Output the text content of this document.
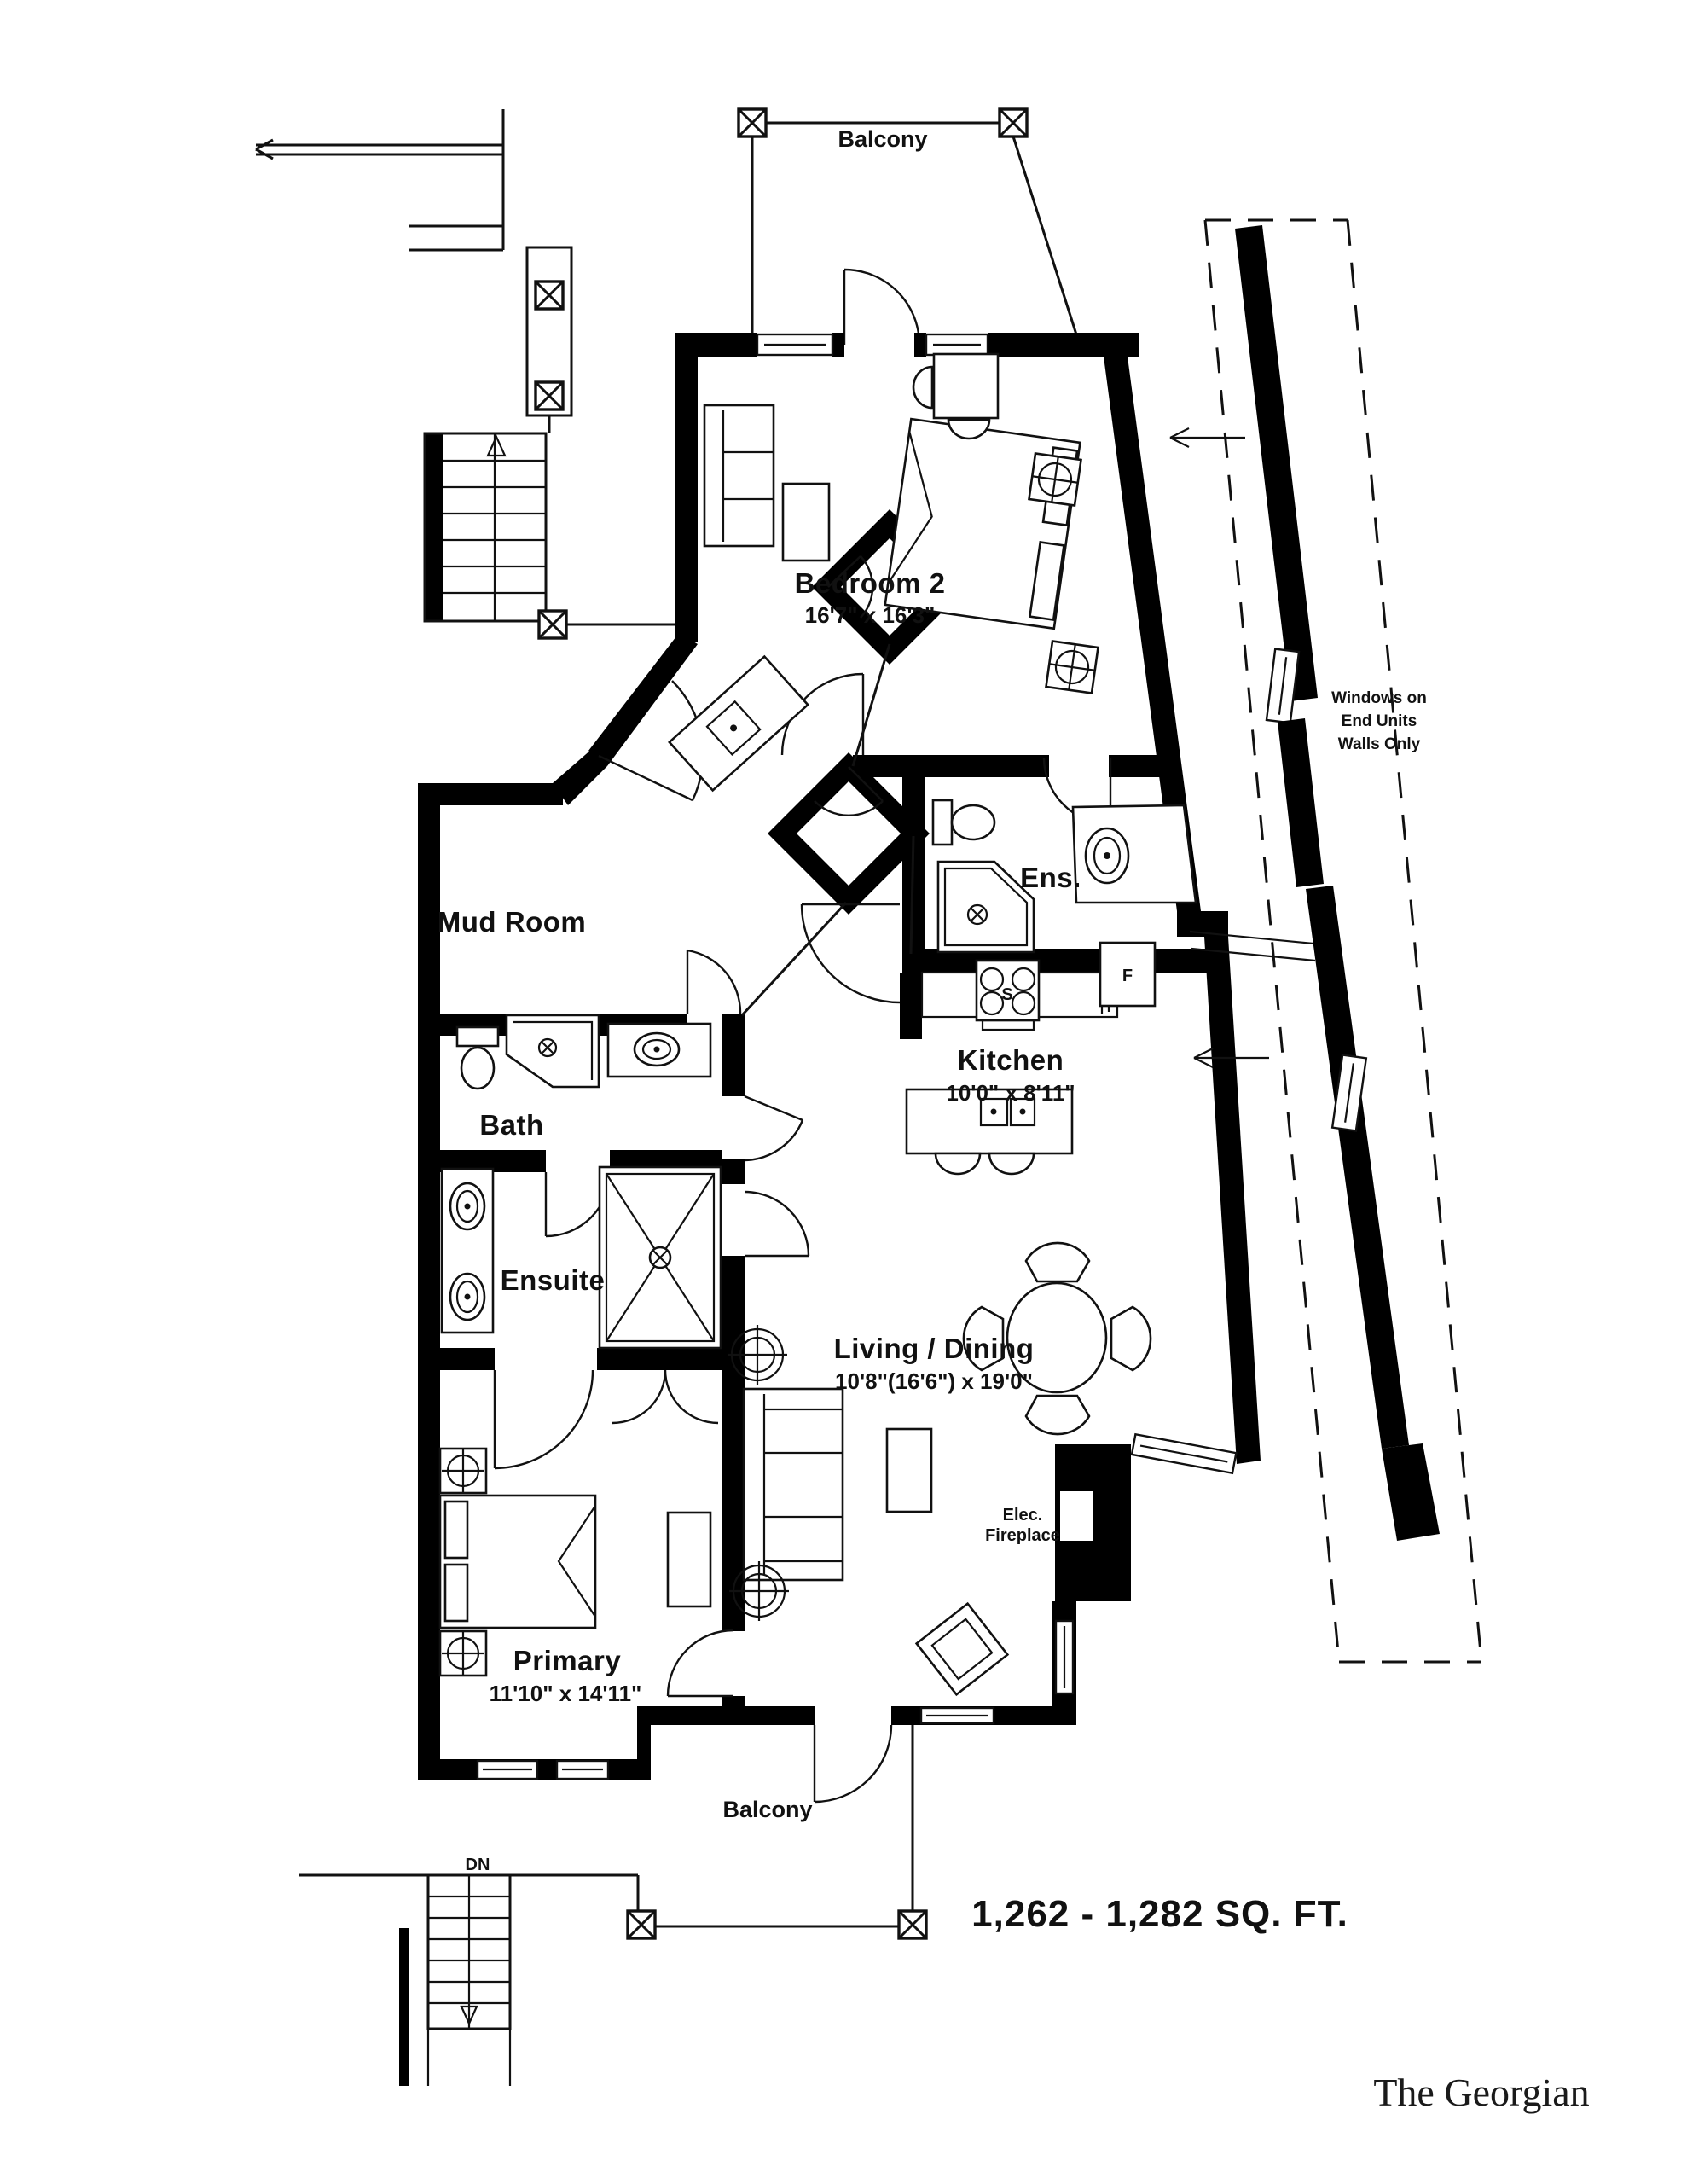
Balcony
Bedroom 2
16'7" x 16'3"
Mud Room
Ens.
Bath
S
F
Kitchen
10'0" x 8'11"
Ensuite
Primary
11'10" x 14'11"
Living / Dining
10'8"(16'6") x 19'0"
Elec.
Fireplace
Windows on
End Units
Walls Only
Balcony
DN
1,262 - 1,282 SQ. FT.
The Georgian
